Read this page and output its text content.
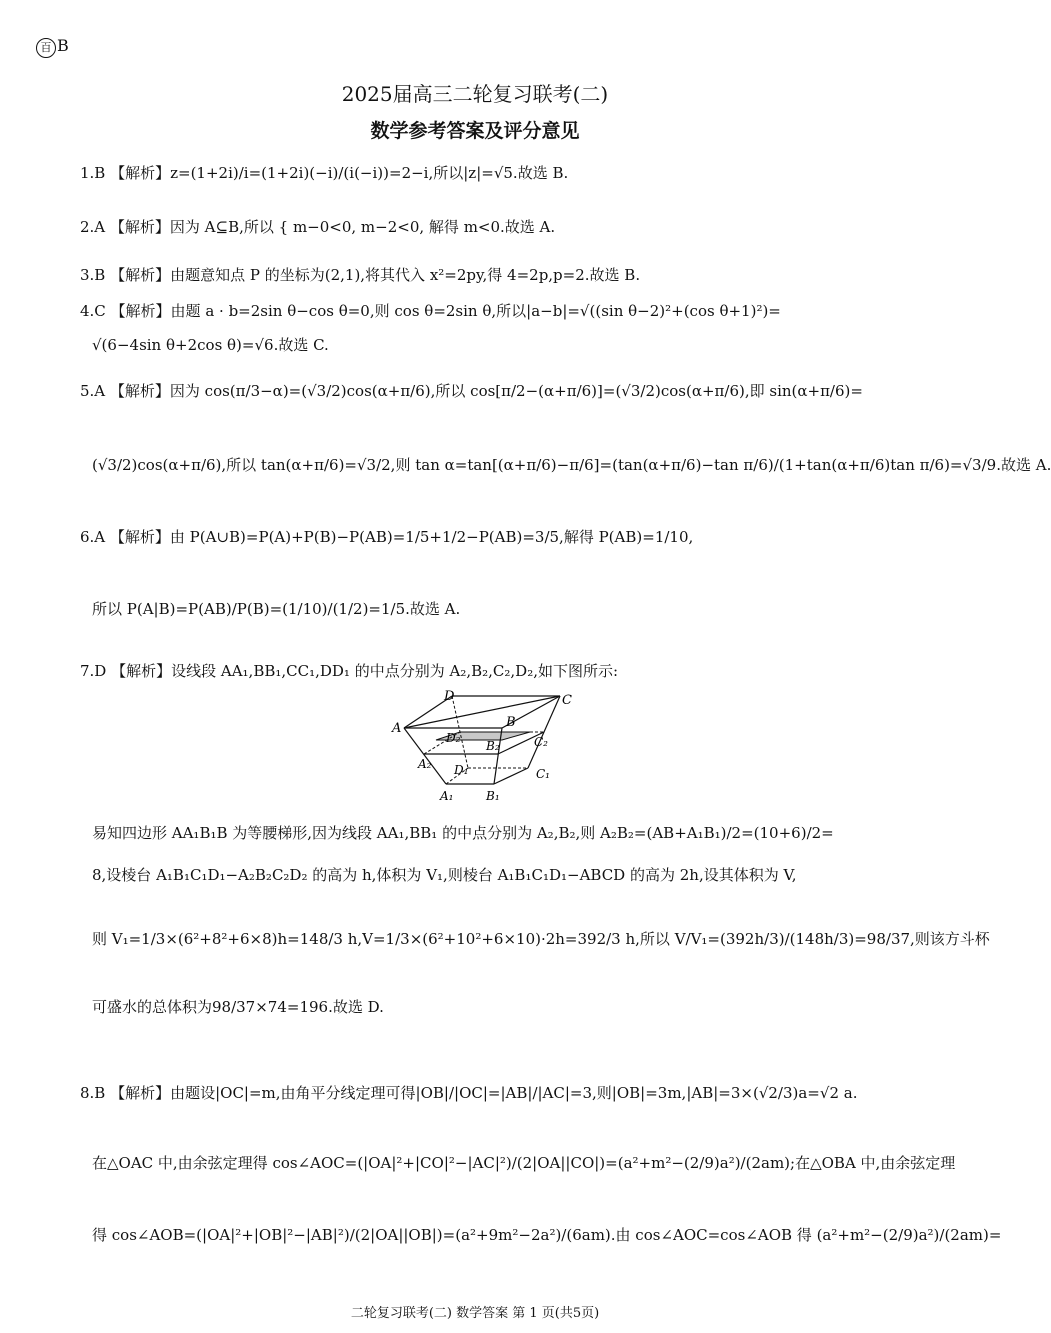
百 B
2025届高三二轮复习联考(二)
数学参考答案及评分意见
1.B 【解析】z=(1+2i)/i=(1+2i)(−i)/(i(−i))=2−i,所以|z|=√5.故选 B.
2.A 【解析】因为 A⊆B,所以 { m−0<0, m−2<0, 解得 m<0.故选 A.
3.B 【解析】由题意知点 P 的坐标为(2,1),将其代入 x²=2py,得 4=2p,p=2.故选 B.
4.C 【解析】由题 a · b=2sin θ−cos θ=0,则 cos θ=2sin θ,所以|a−b|=√((sin θ−2)²+(cos θ+1)²)=
√(6−4sin θ+2cos θ)=√6.故选 C.
5.A 【解析】因为 cos(π/3−α)=(√3/2)cos(α+π/6),所以 cos[π/2−(α+π/6)]=(√3/2)cos(α+π/6),即 sin(α+π/6)=
(√3/2)cos(α+π/6),所以 tan(α+π/6)=√3/2,则 tan α=tan[(α+π/6)−π/6]=(tan(α+π/6)−tan π/6)/(1+tan(α+π/6)tan π/6)=√3/9.故选 A.
6.A 【解析】由 P(A∪B)=P(A)+P(B)−P(AB)=1/5+1/2−P(AB)=3/5,解得 P(AB)=1/10,
所以 P(A|B)=P(AB)/P(B)=(1/10)/(1/2)=1/5.故选 A.
7.D 【解析】设线段 AA₁,BB₁,CC₁,DD₁ 的中点分别为 A₂,B₂,C₂,D₂,如下图所示:
A	B
C
D
A₁	B₁
C₁
D₁
A₂
B₂	C₂
D₂
易知四边形 AA₁B₁B 为等腰梯形,因为线段 AA₁,BB₁ 的中点分别为 A₂,B₂,则 A₂B₂=(AB+A₁B₁)/2=(10+6)/2=
8,设棱台 A₁B₁C₁D₁−A₂B₂C₂D₂ 的高为 h,体积为 V₁,则棱台 A₁B₁C₁D₁−ABCD 的高为 2h,设其体积为 V,
则 V₁=1/3×(6²+8²+6×8)h=148/3 h,V=1/3×(6²+10²+6×10)·2h=392/3 h,所以 V/V₁=(392h/3)/(148h/3)=98/37,则该方斗杯
可盛水的总体积为98/37×74=196.故选 D.
8.B 【解析】由题设|OC|=m,由角平分线定理可得|OB|/|OC|=|AB|/|AC|=3,则|OB|=3m,|AB|=3×(√2/3)a=√2 a.
在△OAC 中,由余弦定理得 cos∠AOC=(|OA|²+|CO|²−|AC|²)/(2|OA||CO|)=(a²+m²−(2/9)a²)/(2am);在△OBA 中,由余弦定理
得 cos∠AOB=(|OA|²+|OB|²−|AB|²)/(2|OA||OB|)=(a²+9m²−2a²)/(6am).由 cos∠AOC=cos∠AOB 得 (a²+m²−(2/9)a²)/(2am)=
二轮复习联考(二) 数学答案 第 1 页(共5页)
